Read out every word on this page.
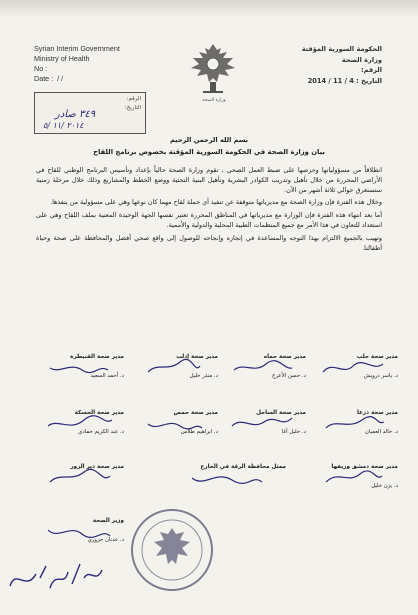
Syrian Interim Government
Ministry of Health
No :
Date : / /
الحكومة السورية المؤقتة
وزارة الصحة
الرقم:
التاريخ : 4 / 11 / 2014
وزارة الصحة
الرقم:
التاريخ:
٣٤٩ صادر
٢٠١٤ /١١ /٥
بسم الله الرحمن الرحيم
بيان وزارة الصحة في الحكومة السورية المؤقتة بخصوص برنامج اللقاح

انطلاقاً من مسؤولياتها وحرصها على ضبط العمل الصحي , تقوم وزارة الصحة حالياً بإعداد وتأسيس البرنامج الوطني للقاح في الأراضي المحررة من خلال تأهيل وتدريب الكوادر البشرية وتأهيل البنية التحتية ووضع الخطط والمشاريع وذلك خلال مرحلة زمنية ستستغرق حوالي ثلاثة أشهر من الآن.

وخلال هذه الفترة فإن وزارة الصحة مع مديرياتها متوقفة عن تنفيذ أي حملة لقاح مهما كان نوعها وهي على مسؤولية من ينفذها.

أما بعد انتهاء هذه الفترة فإن الوزارة مع مديرياتها في المناطق المحررة تعتبر نفسها الجهة الوحيدة المعنية بملف اللقاح وهي على استعداد للتعاون في هذا الأمر مع جميع المنظمات الطبية المحلية والدولية والأممية.

وتهيب بالجميع الالتزام بهذا التوجه والمساعدة في إنجازه وإنجاحه للوصول إلى واقع صحي أفضل والمحافظة على صحة وحياة أطفالنا.

مدير صحة حلب
د. ياسر درويش
مدير صحة حماه
د. حسن الأعرج
مدير صحة إدلب
د. منذر خليل
مدير صحة القنيطرة
د. أحمد السعيد
مدير صحة درعا
د. خالد العميان
مدير صحة الساحل
د. خليل آغا
مدير صحة حمص
د. ابراهيم طلاس
مدير صحة الحسكة
د. عبد الكريم حمادي
مدير صحة دمشق وريفها
د. يزن خليل
ممثل محافظة الرقة في الخارج
مدير صحة دير الزور
وزير الصحة
د. عدنان حزوري
